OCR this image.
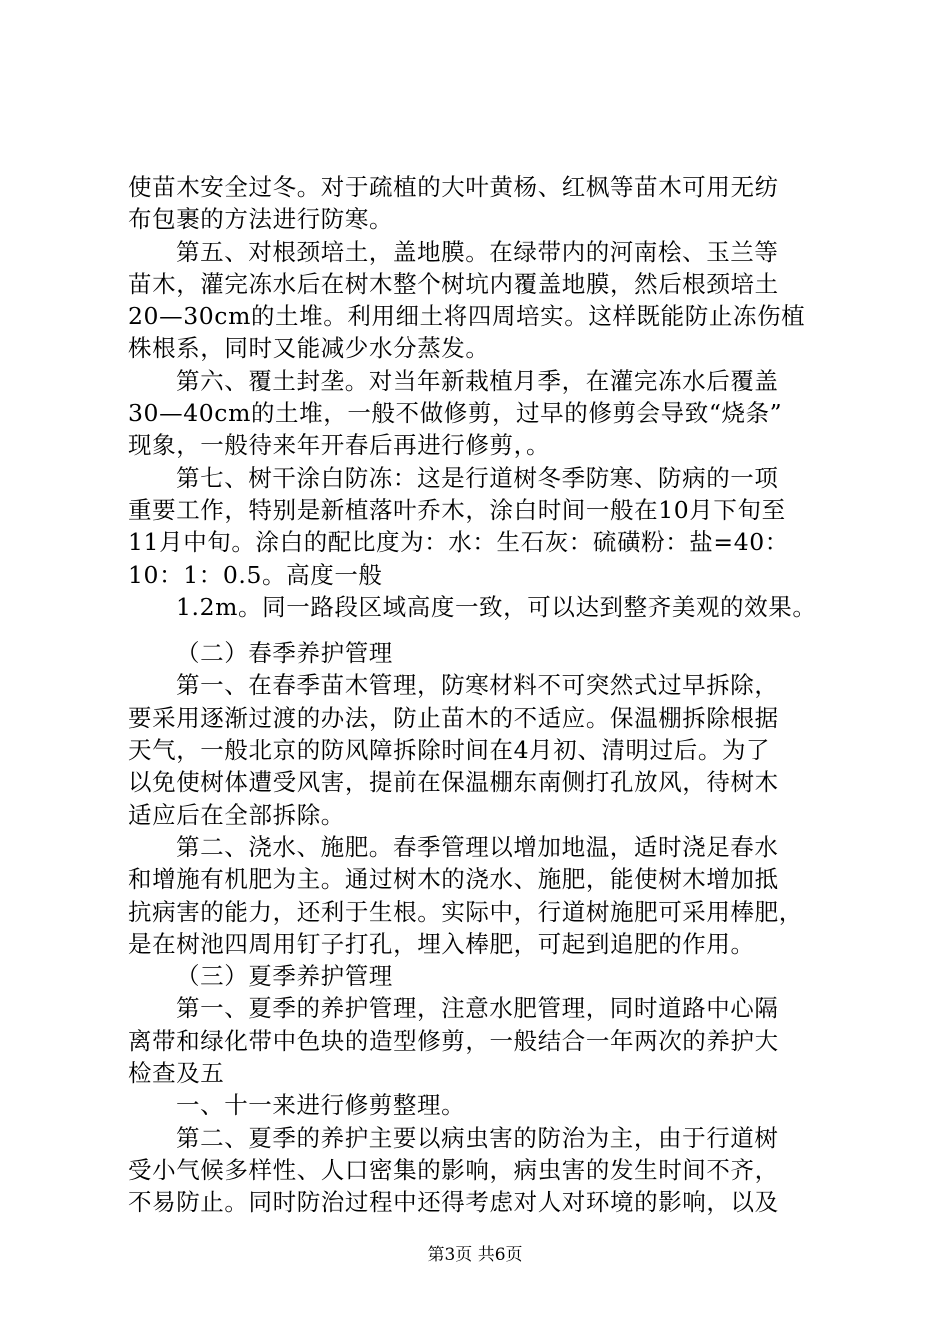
使苗木安全过冬。对于疏植的大叶黄杨、红枫等苗木可用无纺
布包裹的方法进行防寒。
第五、对根颈培土，盖地膜。在绿带内的河南桧、玉兰等
苗木，灌完冻水后在树木整个树坑内覆盖地膜，然后根颈培土
20—30cm的土堆。利用细土将四周培实。这样既能防止冻伤植
株根系，同时又能减少水分蒸发。
第六、覆土封垄。对当年新栽植月季，在灌完冻水后覆盖
30—40cm的土堆，一般不做修剪，过早的修剪会导致“烧条”
现象，一般待来年开春后再进行修剪，。
第七、树干涂白防冻：这是行道树冬季防寒、防病的一项
重要工作，特别是新植落叶乔木，涂白时间一般在10月下旬至
11月中旬。涂白的配比度为：水：生石灰：硫磺粉：盐=40：
10：1：0.5。高度一般
1.2m。同一路段区域高度一致，可以达到整齐美观的效果。
（二）春季养护管理
第一、在春季苗木管理，防寒材料不可突然式过早拆除，
要采用逐渐过渡的办法，防止苗木的不适应。保温棚拆除根据
天气，一般北京的防风障拆除时间在4月初、清明过后。为了
以免使树体遭受风害，提前在保温棚东南侧打孔放风，待树木
适应后在全部拆除。
第二、浇水、施肥。春季管理以增加地温，适时浇足春水
和增施有机肥为主。通过树木的浇水、施肥，能使树木增加抵
抗病害的能力，还利于生根。实际中，行道树施肥可采用棒肥，
是在树池四周用钉子打孔，埋入棒肥，可起到追肥的作用。
（三）夏季养护管理
第一、夏季的养护管理，注意水肥管理，同时道路中心隔
离带和绿化带中色块的造型修剪，一般结合一年两次的养护大
检查及五
一、十一来进行修剪整理。
第二、夏季的养护主要以病虫害的防治为主，由于行道树
受小气候多样性、人口密集的影响，病虫害的发生时间不齐，
不易防止。同时防治过程中还得考虑对人对环境的影响，以及
第3页 共6页
